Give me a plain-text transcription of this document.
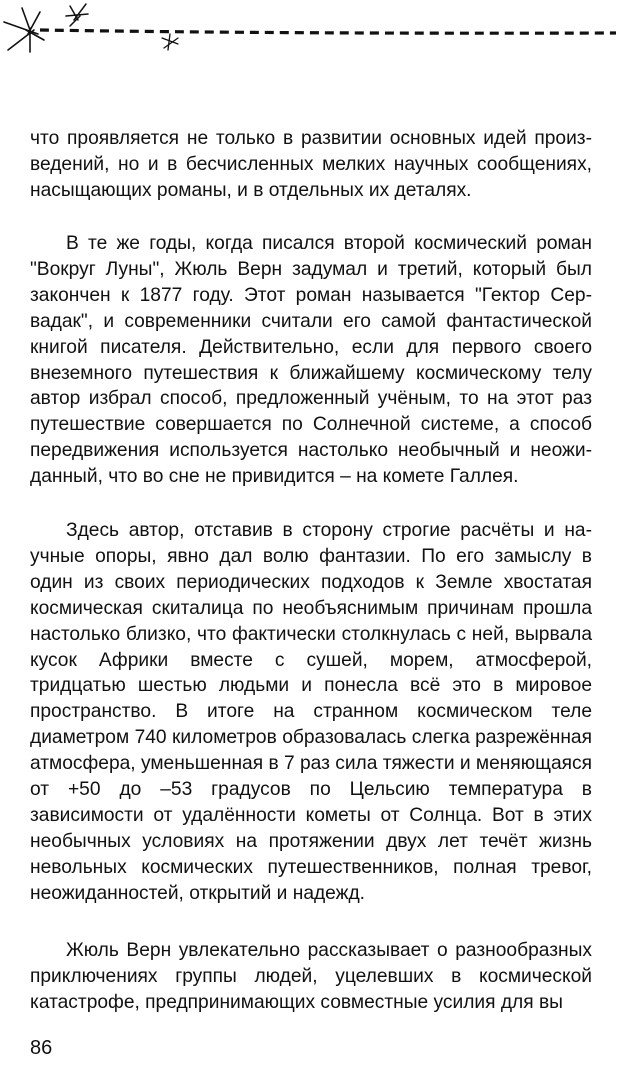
что проявляется не только в развитии основных идей произведений, но и в бесчисленных мелких научных сообщениях, насыщающих романы, и в отдельных их деталях.

В те же годы, когда писался второй космический роман "Вокруг Луны", Жюль Верн задумал и третий, который был закончен к 1877 году. Этот роман называется "Гектор Сервадак", и современники считали его самой фантастической книгой писателя. Действительно, если для первого своего внеземного путешествия к ближайшему космическому телу автор избрал способ, предложенный учёным, то на этот раз путешествие совершается по Солнечной системе, а способ передвижения используется настолько необычный и неожиданный, что во сне не привидится – на комете Галлея.

Здесь автор, отставив в сторону строгие расчёты и научные опоры, явно дал волю фантазии. По его замыслу в один из своих периодических подходов к Земле хвостатая космическая скиталица по необъяснимым причинам прошла настолько близко, что фактически столкнулась с ней, вырвала кусок Африки вместе с сушей, морем, атмосферой, тридцатью шестью людьми и понесла всё это в мировое пространство. В итоге на странном космическом теле диаметром 740 километров образовалась слегка разрежённая атмосфера, уменьшенная в 7 раз сила тяжести и меняющаяся от +50 до –53 градусов по Цельсию температура в зависимости от удалённости кометы от Солнца. Вот в этих необычных условиях на протяжении двух лет течёт жизнь невольных космических путешественников, полная тревог, неожиданностей, открытий и надежд.

Жюль Верн увлекательно рассказывает о разнообразных приключениях группы людей, уцелевших в космической катастрофе, предпринимающих совместные усилия для вы

86
